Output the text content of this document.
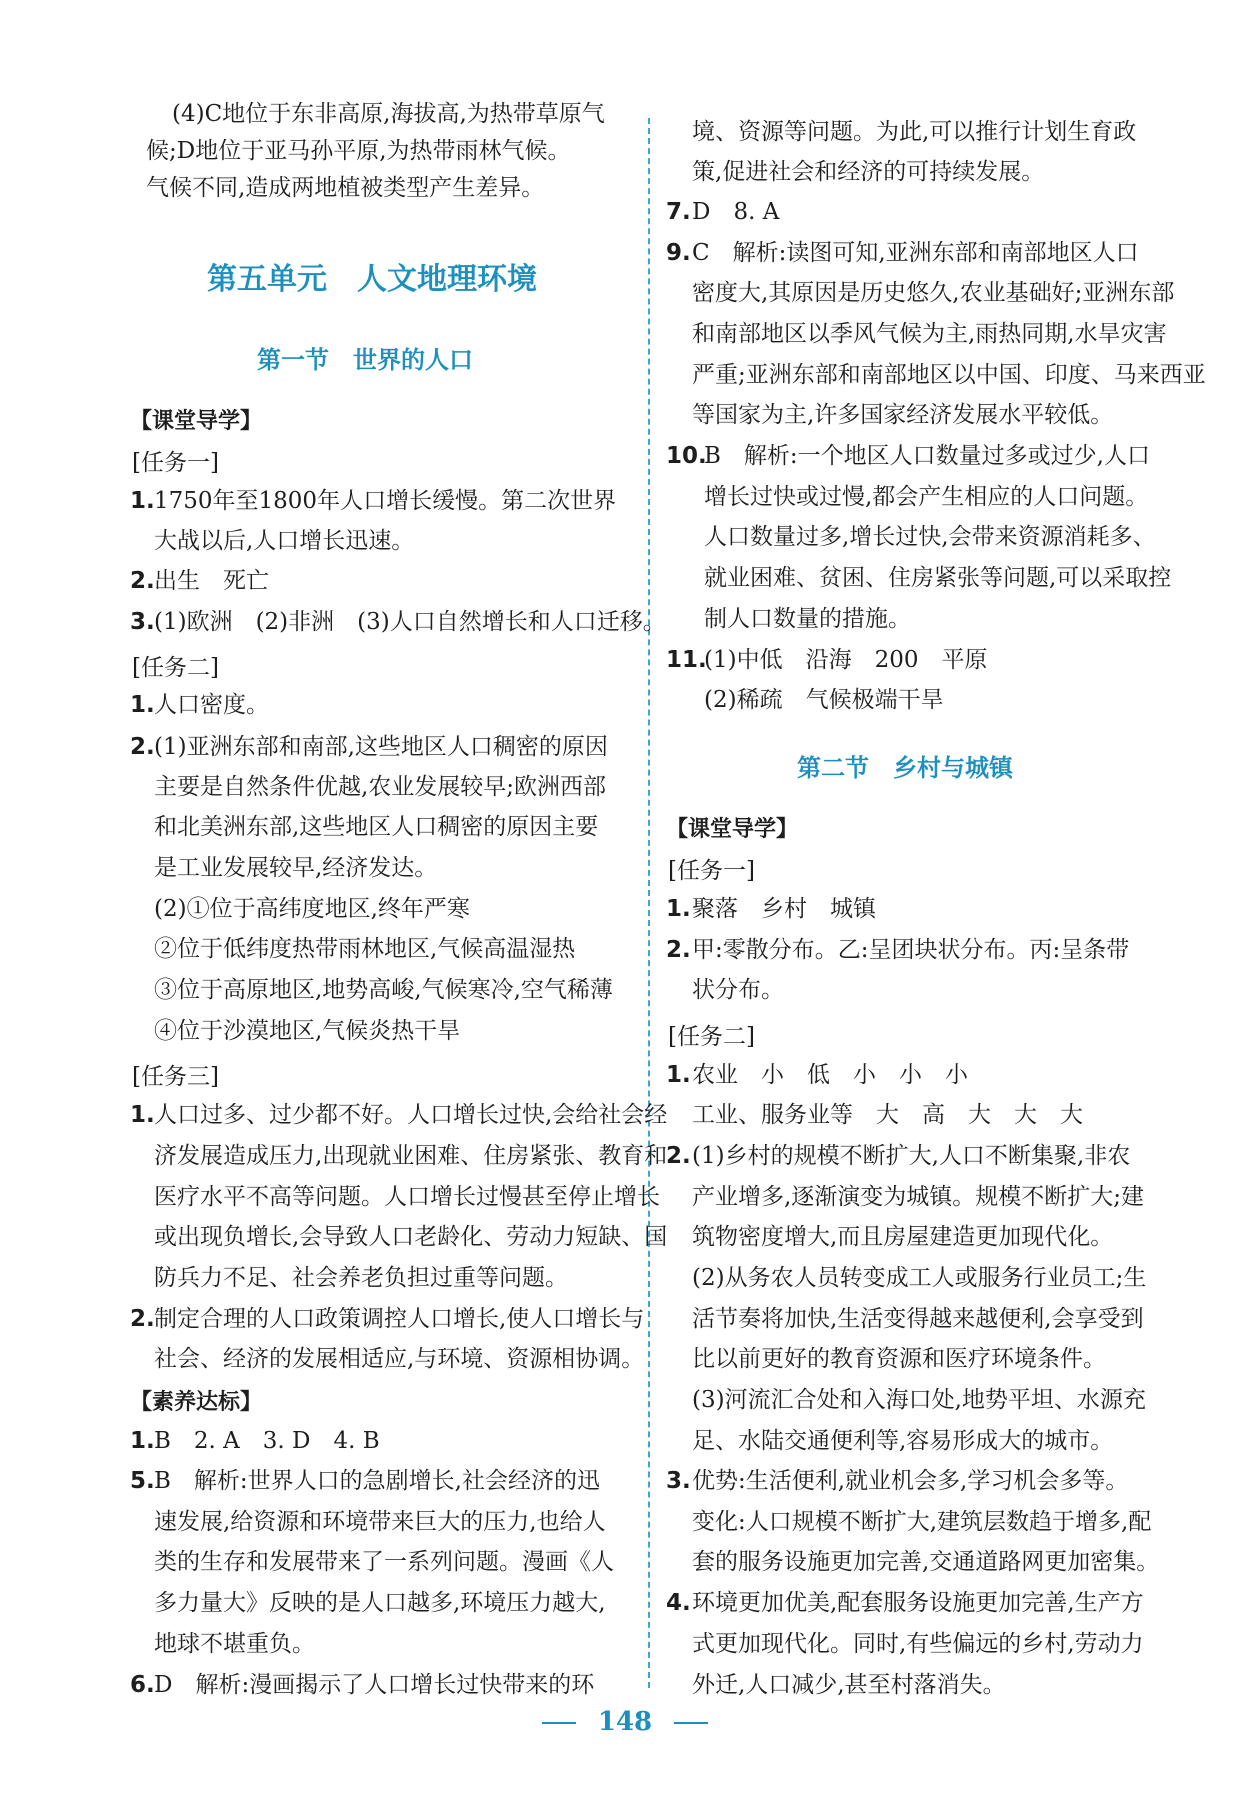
(4)C地位于东非高原,海拔高,为热带草原气
候;D地位于亚马孙平原,为热带雨林气候。
气候不同,造成两地植被类型产生差异。
第五单元　人文地理环境
第一节　世界的人口
【课堂导学】
[任务一]
1. 1750年至1800年人口增长缓慢。第二次世界
大战以后,人口增长迅速。
2. 出生　死亡
3. (1)欧洲　(2)非洲　(3)人口自然增长和人口迁移。
[任务二]
1. 人口密度。
2. (1)亚洲东部和南部,这些地区人口稠密的原因
主要是自然条件优越,农业发展较早;欧洲西部
和北美洲东部,这些地区人口稠密的原因主要
是工业发展较早,经济发达。
(2)①位于高纬度地区,终年严寒
②位于低纬度热带雨林地区,气候高温湿热
③位于高原地区,地势高峻,气候寒冷,空气稀薄
④位于沙漠地区,气候炎热干旱
[任务三]
1. 人口过多、过少都不好。人口增长过快,会给社会经
济发展造成压力,出现就业困难、住房紧张、教育和
医疗水平不高等问题。人口增长过慢甚至停止增长
或出现负增长,会导致人口老龄化、劳动力短缺、国
防兵力不足、社会养老负担过重等问题。
2. 制定合理的人口政策调控人口增长,使人口增长与
社会、经济的发展相适应,与环境、资源相协调。
【素养达标】
1. B　2. A　3. D　4. B
5. B　解析:世界人口的急剧增长,社会经济的迅
速发展,给资源和环境带来巨大的压力,也给人
类的生存和发展带来了一系列问题。漫画《人
多力量大》反映的是人口越多,环境压力越大,
地球不堪重负。
6. D　解析:漫画揭示了人口增长过快带来的环
境、资源等问题。为此,可以推行计划生育政
策,促进社会和经济的可持续发展。
7. D　8. A
9. C　解析:读图可知,亚洲东部和南部地区人口
密度大,其原因是历史悠久,农业基础好;亚洲东部
和南部地区以季风气候为主,雨热同期,水旱灾害
严重;亚洲东部和南部地区以中国、印度、马来西亚
等国家为主,许多国家经济发展水平较低。
10.
B　解析:一个地区人口数量过多或过少,人口
增长过快或过慢,都会产生相应的人口问题。
人口数量过多,增长过快,会带来资源消耗多、
就业困难、贫困、住房紧张等问题,可以采取控
制人口数量的措施。
11.
(1)中低　沿海　200　平原
(2)稀疏　气候极端干旱
第二节　乡村与城镇
【课堂导学】
[任务一]
1. 聚落　乡村　城镇
2. 甲:零散分布。乙:呈团块状分布。丙:呈条带
状分布。
[任务二]
1. 农业　小　低　小　小　小
工业、服务业等　大　高　大　大　大
2. (1)乡村的规模不断扩大,人口不断集聚,非农
产业增多,逐渐演变为城镇。规模不断扩大;建
筑物密度增大,而且房屋建造更加现代化。
(2)从务农人员转变成工人或服务行业员工;生
活节奏将加快,生活变得越来越便利,会享受到
比以前更好的教育资源和医疗环境条件。
(3)河流汇合处和入海口处,地势平坦、水源充
足、水陆交通便利等,容易形成大的城市。
3. 优势:生活便利,就业机会多,学习机会多等。
变化:人口规模不断扩大,建筑层数趋于增多,配
套的服务设施更加完善,交通道路网更加密集。
4. 环境更加优美,配套服务设施更加完善,生产方
式更加现代化。同时,有些偏远的乡村,劳动力
外迁,人口减少,甚至村落消失。
148
